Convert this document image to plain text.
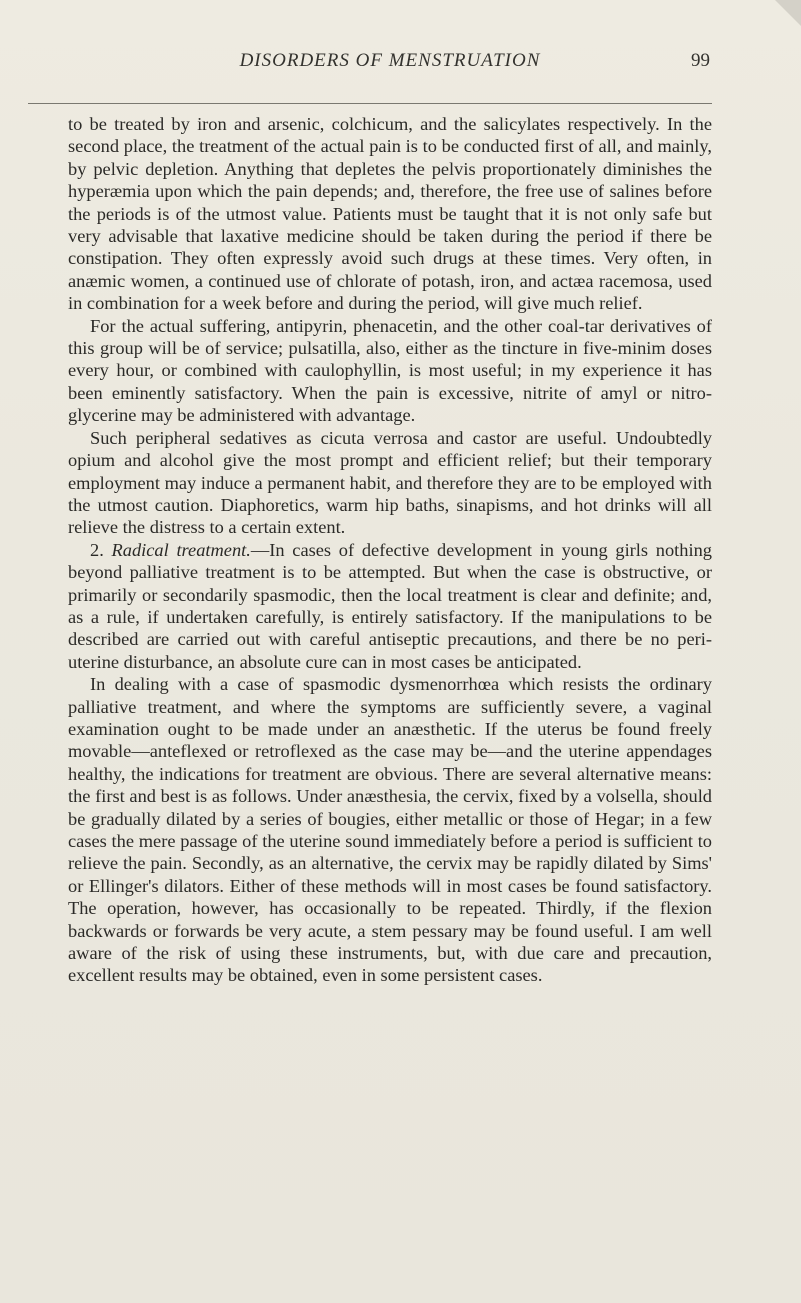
DISORDERS OF MENSTRUATION	99

to be treated by iron and arsenic, colchicum, and the salicylates respectively. In the second place, the treatment of the actual pain is to be conducted first of all, and mainly, by pelvic depletion. Anything that depletes the pelvis proportionately diminishes the hyperæmia upon which the pain depends; and, therefore, the free use of salines before the periods is of the utmost value. Patients must be taught that it is not only safe but very advisable that laxative medicine should be taken during the period if there be constipation. They often expressly avoid such drugs at these times. Very often, in anæmic women, a continued use of chlorate of potash, iron, and actæa racemosa, used in combination for a week before and during the period, will give much relief.

For the actual suffering, antipyrin, phenacetin, and the other coal-tar derivatives of this group will be of service; pulsatilla, also, either as the tincture in five-minim doses every hour, or combined with caulophyllin, is most useful; in my experience it has been eminently satisfactory. When the pain is excessive, nitrite of amyl or nitro-glycerine may be administered with advantage.

Such peripheral sedatives as cicuta verrosa and castor are useful. Undoubtedly opium and alcohol give the most prompt and efficient relief; but their temporary employment may induce a permanent habit, and therefore they are to be employed with the utmost caution. Diaphoretics, warm hip baths, sinapisms, and hot drinks will all relieve the distress to a certain extent.

2. Radical treatment.—In cases of defective development in young girls nothing beyond palliative treatment is to be attempted. But when the case is obstructive, or primarily or secondarily spasmodic, then the local treatment is clear and definite; and, as a rule, if undertaken carefully, is entirely satisfactory. If the manipulations to be described are carried out with careful antiseptic precautions, and there be no peri-uterine disturbance, an absolute cure can in most cases be anticipated.

In dealing with a case of spasmodic dysmenorrhœa which resists the ordinary palliative treatment, and where the symptoms are sufficiently severe, a vaginal examination ought to be made under an anæsthetic. If the uterus be found freely movable—anteflexed or retroflexed as the case may be—and the uterine appendages healthy, the indications for treatment are obvious. There are several alternative means: the first and best is as follows. Under anæsthesia, the cervix, fixed by a volsella, should be gradually dilated by a series of bougies, either metallic or those of Hegar; in a few cases the mere passage of the uterine sound immediately before a period is sufficient to relieve the pain. Secondly, as an alternative, the cervix may be rapidly dilated by Sims' or Ellinger's dilators. Either of these methods will in most cases be found satisfactory. The operation, however, has occasionally to be repeated. Thirdly, if the flexion backwards or forwards be very acute, a stem pessary may be found useful. I am well aware of the risk of using these instruments, but, with due care and precaution, excellent results may be obtained, even in some persistent cases.
